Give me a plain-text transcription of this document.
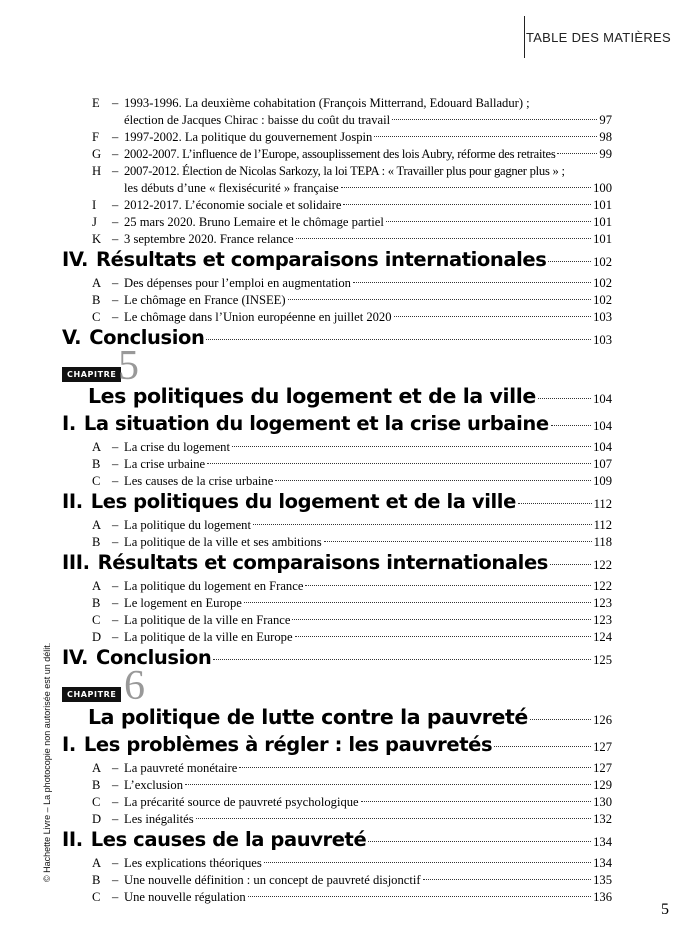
TABLE DES MATIÈRES
© Hachette Livre – La photocopie non autorisée est un délit.
E – 1993-1996. La deuxième cohabitation (François Mitterrand, Edouard Balladur) ;
élection de Jacques Chirac : baisse du coût du travail	97
F	– 1997-2002. La politique du gouvernement Jospin	98
G – 2002-2007. L’influence de l’Europe, assouplissement des lois Aubry, réforme des retraites	99
H – 2007-2012. Élection de Nicolas Sarkozy, la loi TEPA : « Travailler plus pour gagner plus » ;
les débuts d’une « flexisécurité » française	100
I	– 2012-2017. L’économie sociale et solidaire	101
J	– 25 mars 2020. Bruno Lemaire et le chômage partiel	101
K – 3 septembre 2020. France relance	101
IV. Résultats et comparaisons internationales	102
A – Des dépenses pour l’emploi en augmentation	102
B – Le chômage en France (INSEE)	102
C – Le chômage dans l’Union européenne en juillet 2020	103
V. Conclusion	103
CHAPITRE 5
Les politiques du logement et de la ville	104
I. La situation du logement et la crise urbaine	104
A – La crise du logement	104
B – La crise urbaine	107
C – Les causes de la crise urbaine	109
II. Les politiques du logement et de la ville	112
A – La politique du logement	112
B – La politique de la ville et ses ambitions	118
III. Résultats et comparaisons internationales	122
A – La politique du logement en France	122
B – Le logement en Europe	123
C – La politique de la ville en France	123
D – La politique de la ville en Europe	124
IV. Conclusion	125
CHAPITRE 6
La politique de lutte contre la pauvreté	126
I. Les problèmes à régler : les pauvretés	127
A – La pauvreté monétaire	127
B – L’exclusion	129
C – La précarité source de pauvreté psychologique	130
D – Les inégalités	132
II. Les causes de la pauvreté	134
A – Les explications théoriques	134
B – Une nouvelle définition : un concept de pauvreté disjonctif	135
C – Une nouvelle régulation	136
5
